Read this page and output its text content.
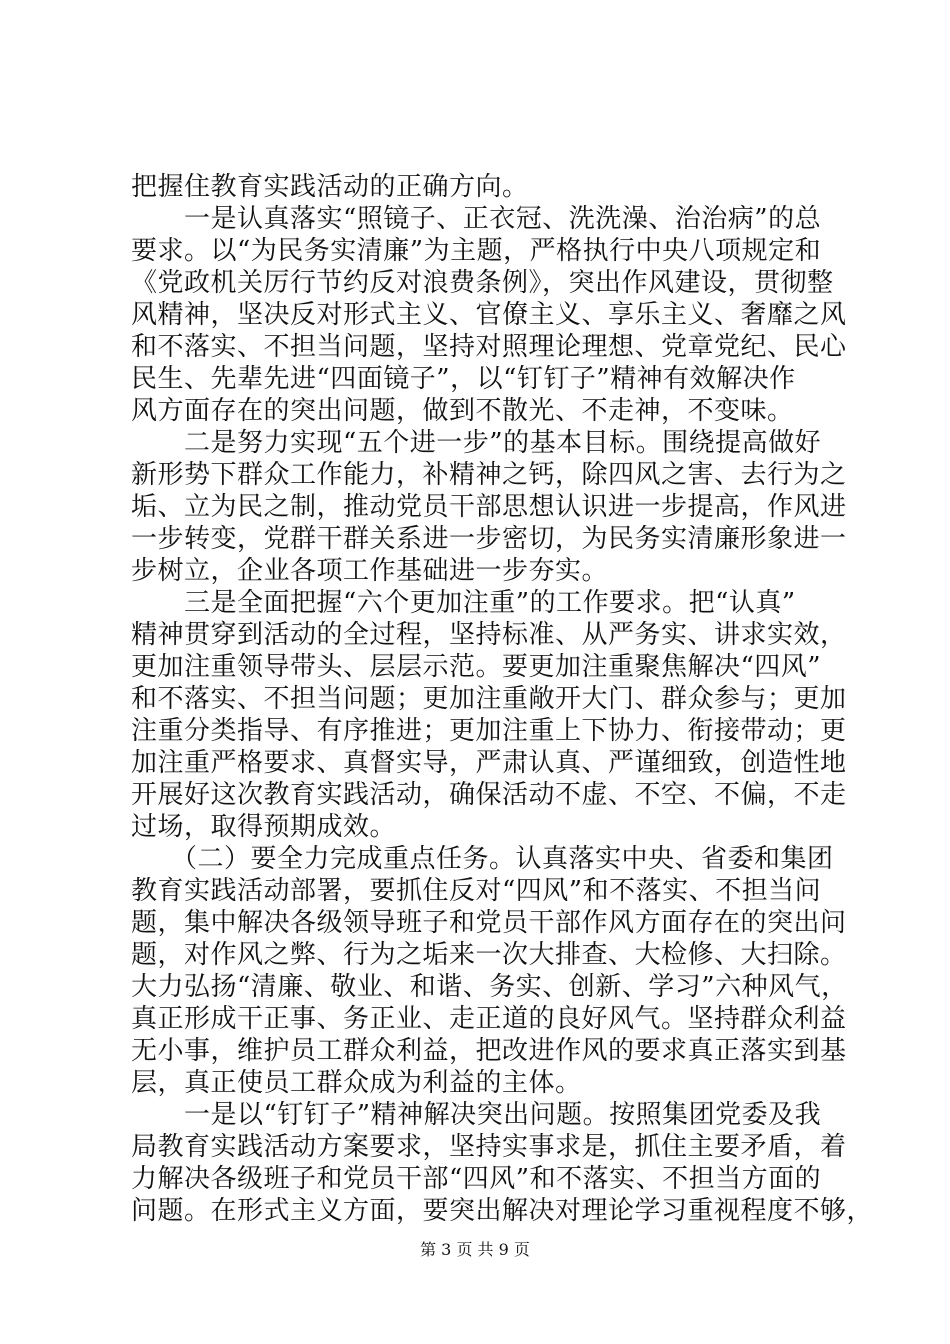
把握住教育实践活动的正确方向。
　　一是认真落实“照镜子、正衣冠、洗洗澡、治治病”的总
要求。以“为民务实清廉”为主题，严格执行中央八项规定和
《党政机关厉行节约反对浪费条例》，突出作风建设，贯彻整
风精神，坚决反对形式主义、官僚主义、享乐主义、奢靡之风
和不落实、不担当问题，坚持对照理论理想、党章党纪、民心
民生、先辈先进“四面镜子”，以“钉钉子”精神有效解决作
风方面存在的突出问题，做到不散光、不走神，不变味。
　　二是努力实现“五个进一步”的基本目标。围绕提高做好
新形势下群众工作能力，补精神之钙，除四风之害、去行为之
垢、立为民之制，推动党员干部思想认识进一步提高，作风进
一步转变，党群干群关系进一步密切，为民务实清廉形象进一
步树立，企业各项工作基础进一步夯实。
　　三是全面把握“六个更加注重”的工作要求。把“认真”
精神贯穿到活动的全过程，坚持标准、从严务实、讲求实效，
更加注重领导带头、层层示范。要更加注重聚焦解决“四风”
和不落实、不担当问题；更加注重敞开大门、群众参与；更加
注重分类指导、有序推进；更加注重上下协力、衔接带动；更
加注重严格要求、真督实导，严肃认真、严谨细致，创造性地
开展好这次教育实践活动，确保活动不虚、不空、不偏，不走
过场，取得预期成效。
　　（二）要全力完成重点任务。认真落实中央、省委和集团
教育实践活动部署，要抓住反对“四风”和不落实、不担当问
题，集中解决各级领导班子和党员干部作风方面存在的突出问
题，对作风之弊、行为之垢来一次大排查、大检修、大扫除。
大力弘扬“清廉、敬业、和谐、务实、创新、学习”六种风气，
真正形成干正事、务正业、走正道的良好风气。坚持群众利益
无小事，维护员工群众利益，把改进作风的要求真正落实到基
层，真正使员工群众成为利益的主体。
　　一是以“钉钉子”精神解决突出问题。按照集团党委及我
局教育实践活动方案要求，坚持实事求是，抓住主要矛盾，着
力解决各级班子和党员干部“四风”和不落实、不担当方面的
问题。在形式主义方面，要突出解决对理论学习重视程度不够，
第 3 页 共 9 页
